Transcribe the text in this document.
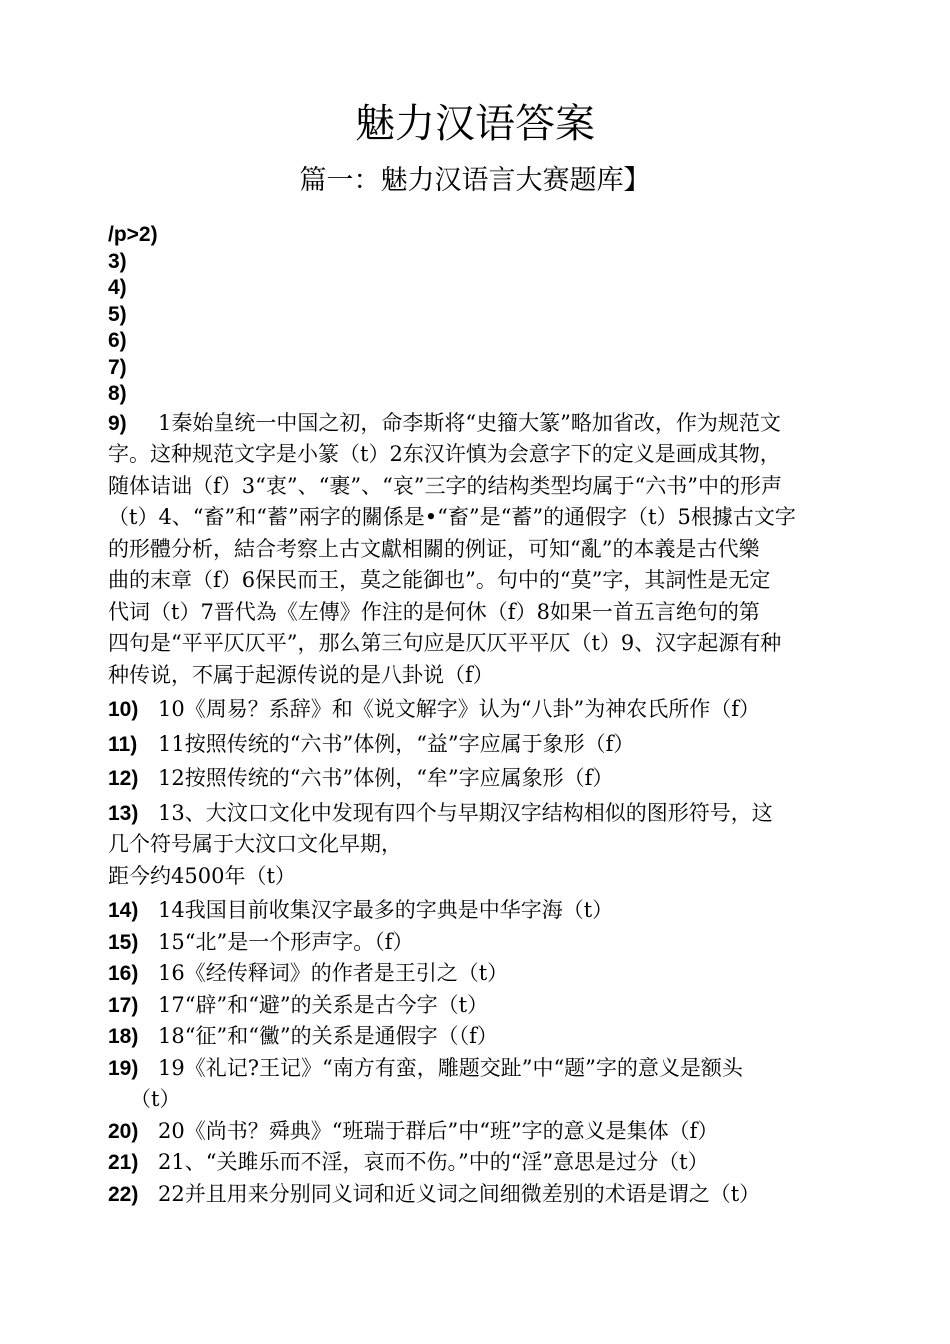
魅力汉语答案
篇一：魅力汉语言大赛题库】
/p>2)
3)
4)
5)
6)
7)
8)
9)	1秦始皇统一中国之初，命李斯将“史籀大篆”略加省改，作为规范文
字。这种规范文字是小篆（t）2东汉许慎为会意字下的定义是画成其物，
随体诘诎（f）3“衷”、“裹”、“哀”三字的结构类型均属于“六书”中的形声
（t）4、“畜”和“蓄”兩字的關係是•“畜”是“蓄”的通假字（t）5根據古文字
的形體分析，結合考察上古文獻相關的例证，可知“亂”的本義是古代樂
曲的末章（f）6保民而王，莫之能御也”。句中的“莫”字，其詞性是无定
代词（t）7晋代為《左傳》作注的是何休（f）8如果一首五言绝句的第
四句是“平平仄仄平”，那么第三句应是仄仄平平仄（t）9、汉字起源有种
种传说，不属于起源传说的是八卦说（f）
10) 10《周易？系辞》和《说文解字》认为“八卦”为神农氏所作（f）
11) 11按照传统的“六书”体例，“益”字应属于象形（f）
12) 12按照传统的“六书”体例，“牟”字应属象形（f）
13) 13、大汶口文化中发现有四个与早期汉字结构相似的图形符号，这
几个符号属于大汶口文化早期，
距今约4500年（t）
14) 14我国目前收集汉字最多的字典是中华字海（t）
15) 15“北”是一个形声字。（f）
16) 16《经传释词》的作者是王引之（t）
17) 17“辟”和“避”的关系是古今字（t）
18) 18“征”和“黴”的关系是通假字（（f）
19) 19《礼记?王记》“南方有蛮，雕题交趾”中“题”字的意义是额头
（t）
20) 20《尚书？舜典》“班瑞于群后”中“班”字的意义是集体（f）
21) 21、“关雎乐而不淫，哀而不伤。”中的“淫”意思是过分（t）
22) 22并且用来分别同义词和近义词之间细微差别的术语是谓之（t）
